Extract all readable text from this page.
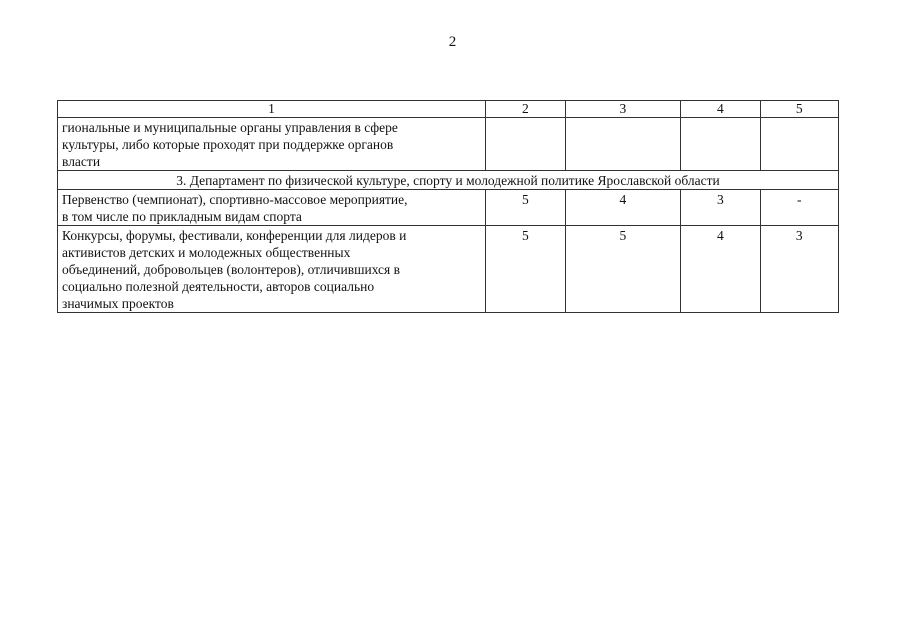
2
1	2	3	4	5
гиональные и муниципальные органы управления в сфере
культуры, либо которые проходят при поддержке органов
власти				
3. Департамент по физической культуре, спорту и молодежной политике Ярославской области				
Первенство (чемпионат), спортивно-массовое мероприятие,
в том числе по прикладным видам спорта	5	4	3	-
Конкурсы, форумы, фестивали, конференции для лидеров и
активистов детских и молодежных общественных
объединений, добровольцев (волонтеров), отличившихся в
социально полезной деятельности, авторов социально
значимых проектов	5	5	4	3
